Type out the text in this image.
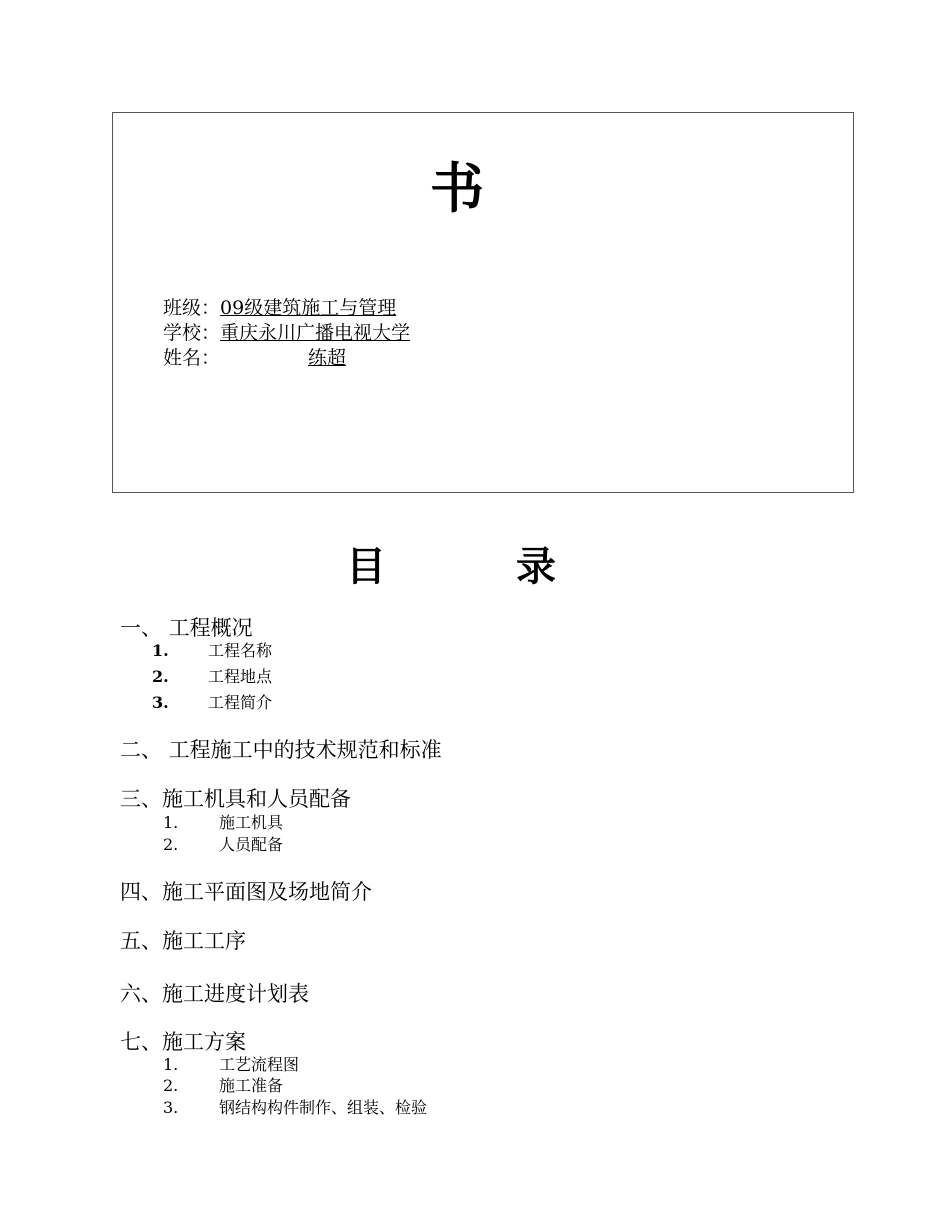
书
班级：09级建筑施工与管理
学校：重庆永川广播电视大学
姓名：	练超
目	录
一、 工程概况
1. 工程名称
2. 工程地点
3. 工程简介
二、 工程施工中的技术规范和标准
三、施工机具和人员配备
1.	施工机具
2.	人员配备
四、施工平面图及场地简介
五、施工工序
六、施工进度计划表
七、施工方案
1.	工艺流程图
2.	施工准备
3.	钢结构构件制作、组装、检验
